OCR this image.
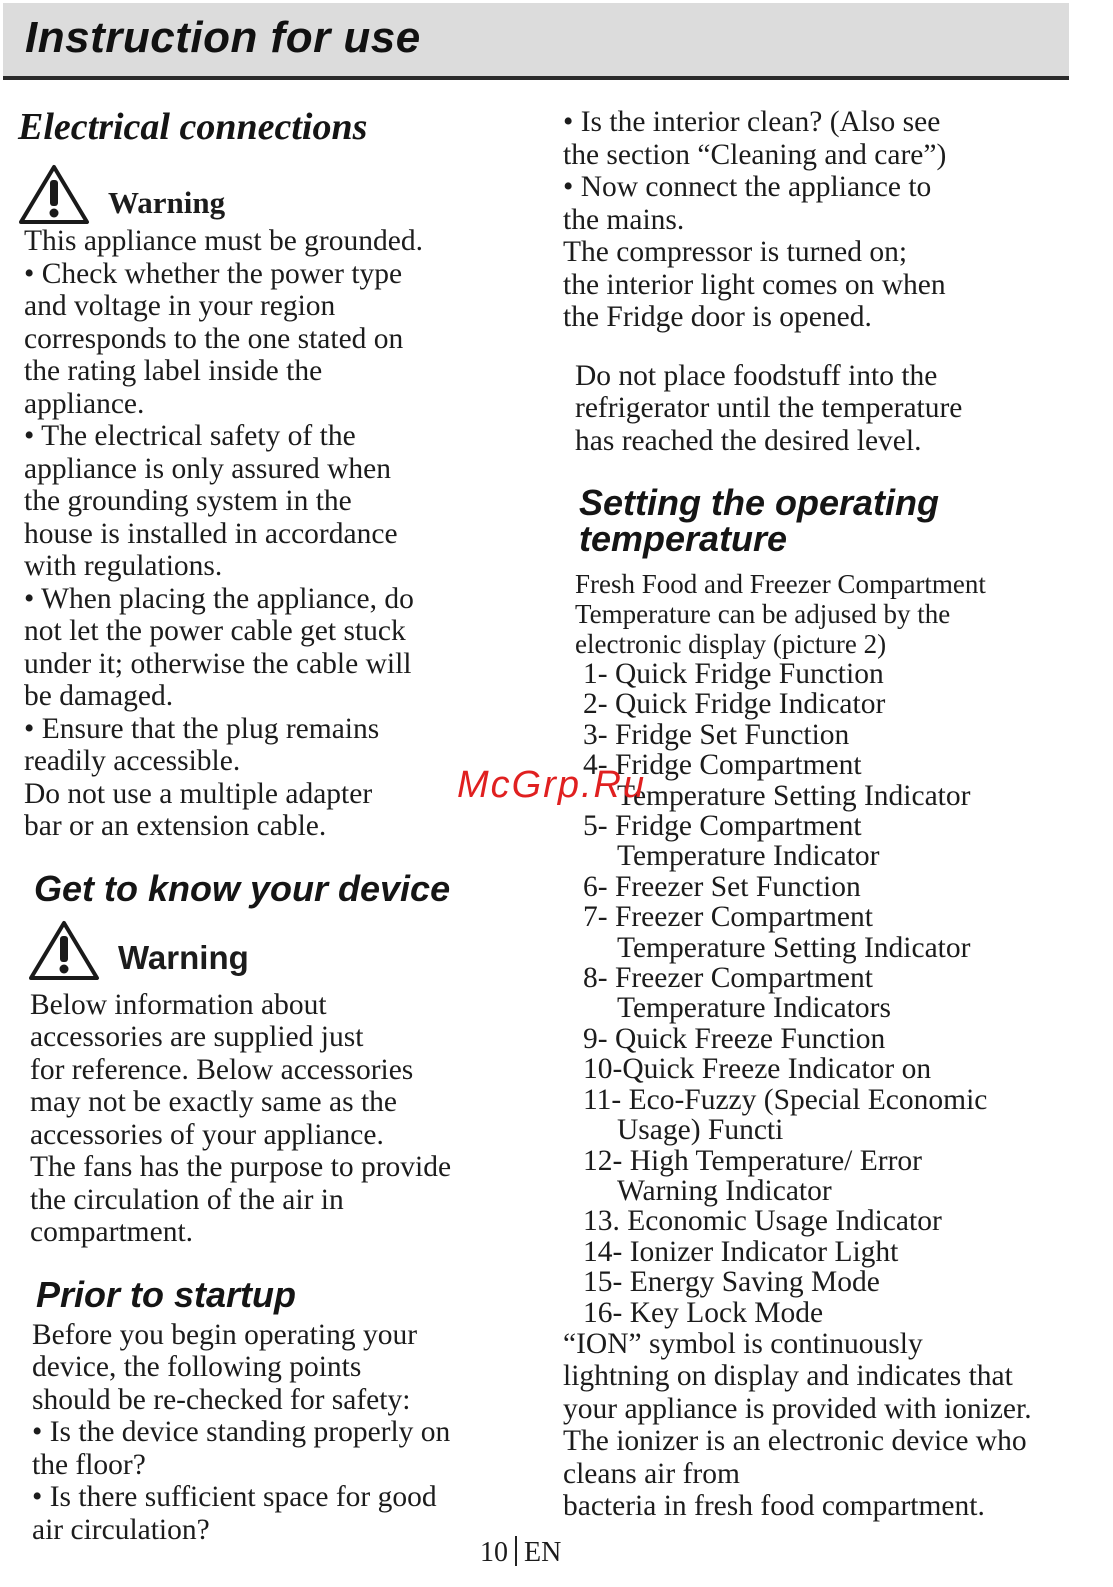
Instruction for use
Electrical connections
Warning
This appliance must be grounded.
• Check whether the power type
and voltage in your region
corresponds to the one stated on
the rating label inside the
appliance.
• The electrical safety of the
appliance is only assured when
the grounding system in the
house is installed in accordance
with regulations.
• When placing the appliance, do
not let the power cable get stuck
under it; otherwise the cable will
be damaged.
• Ensure that the plug remains
readily accessible.
Do not use a multiple adapter
bar or an extension cable.
Get to know your device
Warning
Below information about
accessories are supplied just
for reference. Below accessories
may not be exactly same as the
accessories of your appliance.
The fans has the purpose to provide
the circulation of the air in
compartment.
Prior to startup
Before you begin operating your
device, the following points
should be re-checked for safety:
• Is the device standing properly on
the floor?
• Is there sufficient space for good
air circulation?
• Is the interior clean? (Also see
the section “Cleaning and care”)
• Now connect the appliance to
the mains.
The compressor is turned on;
the interior light comes on when
the Fridge door is opened.
Do not place foodstuff into the
refrigerator until the temperature
has reached the desired level.
Setting the operating
temperature
Fresh Food and Freezer Compartment
Temperature can be adjused by the
electronic display (picture 2)
1- Quick Fridge Function
2- Quick Fridge Indicator
3- Fridge Set Function
4- Fridge Compartment
Temperature Setting Indicator
5- Fridge Compartment
Temperature Indicator
6- Freezer Set Function
7- Freezer Compartment
Temperature Setting Indicator
8- Freezer Compartment
Temperature Indicators
9- Quick Freeze Function
10-Quick Freeze Indicator on
11- Eco-Fuzzy (Special Economic
Usage) Functi
12- High Temperature/ Error
Warning Indicator
13. Economic Usage Indicator
14- Ionizer Indicator Light
15- Energy Saving Mode
16- Key Lock Mode
“ION” symbol is continuously
lightning on display and indicates that
your appliance is provided with ionizer.
The ionizer is an electronic device who
cleans air from
bacteria in fresh food compartment.
McGrp.Ru
10 EN
